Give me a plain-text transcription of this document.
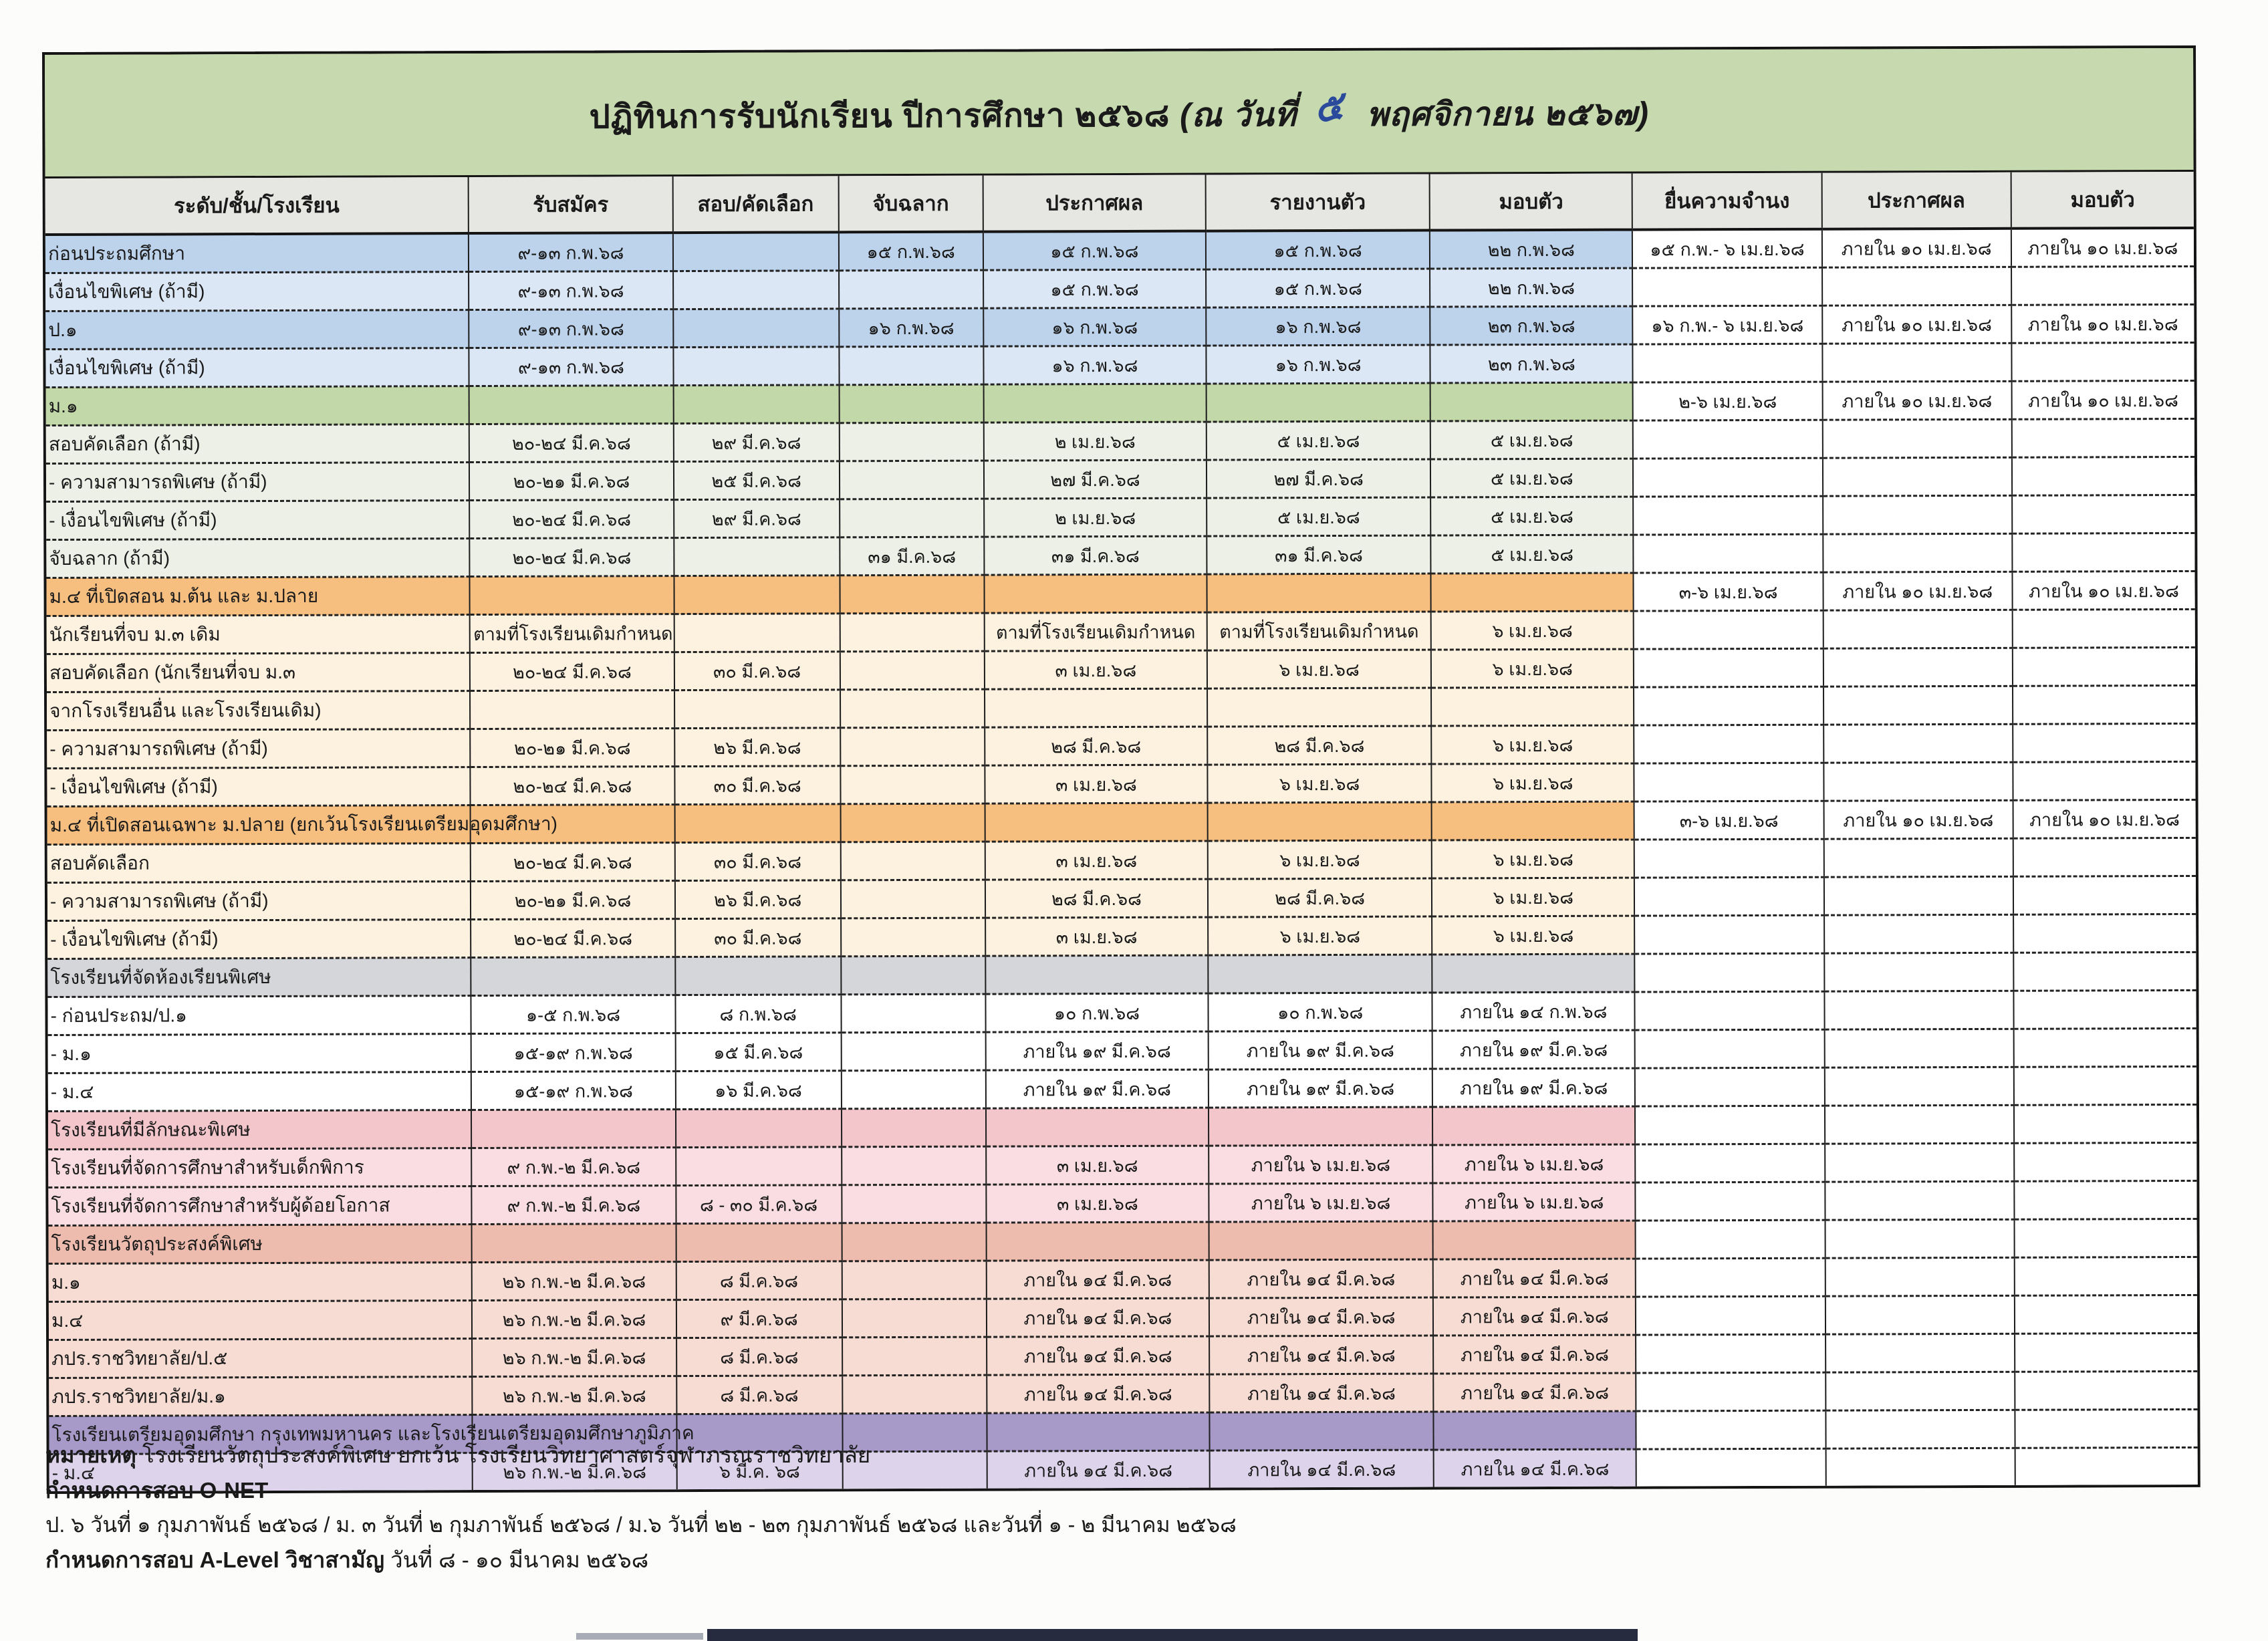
ปฏิทินการรับนักเรียน ปีการศึกษา ๒๕๖๘ (ณ วันที่ ๕ พฤศจิกายน ๒๕๖๗)
ระดับ/ชั้น/โรงเรียน	รับสมัคร	สอบ/คัดเลือก	จับฉลาก	ประกาศผล	รายงานตัว	มอบตัว	ยื่นความจำนง	ประกาศผล	มอบตัว
ก่อนประถมศึกษา	๙-๑๓ ก.พ.๖๘		๑๕ ก.พ.๖๘	๑๕ ก.พ.๖๘	๑๕ ก.พ.๖๘	๒๒ ก.พ.๖๘	๑๕ ก.พ.- ๖ เม.ย.๖๘	ภายใน ๑๐ เม.ย.๖๘	ภายใน ๑๐ เม.ย.๖๘
เงื่อนไขพิเศษ (ถ้ามี)	๙-๑๓ ก.พ.๖๘			๑๕ ก.พ.๖๘	๑๕ ก.พ.๖๘	๒๒ ก.พ.๖๘			
ป.๑	๙-๑๓ ก.พ.๖๘		๑๖ ก.พ.๖๘	๑๖ ก.พ.๖๘	๑๖ ก.พ.๖๘	๒๓ ก.พ.๖๘	๑๖ ก.พ.- ๖ เม.ย.๖๘	ภายใน ๑๐ เม.ย.๖๘	ภายใน ๑๐ เม.ย.๖๘
เงื่อนไขพิเศษ (ถ้ามี)	๙-๑๓ ก.พ.๖๘			๑๖ ก.พ.๖๘	๑๖ ก.พ.๖๘	๒๓ ก.พ.๖๘			
ม.๑							๒-๖ เม.ย.๖๘	ภายใน ๑๐ เม.ย.๖๘	ภายใน ๑๐ เม.ย.๖๘
สอบคัดเลือก (ถ้ามี)	๒๐-๒๔ มี.ค.๖๘	๒๙ มี.ค.๖๘		๒ เม.ย.๖๘	๕ เม.ย.๖๘	๕ เม.ย.๖๘			
- ความสามารถพิเศษ (ถ้ามี)	๒๐-๒๑ มี.ค.๖๘	๒๕ มี.ค.๖๘		๒๗ มี.ค.๖๘	๒๗ มี.ค.๖๘	๕ เม.ย.๖๘			
- เงื่อนไขพิเศษ (ถ้ามี)	๒๐-๒๔ มี.ค.๖๘	๒๙ มี.ค.๖๘		๒ เม.ย.๖๘	๕ เม.ย.๖๘	๕ เม.ย.๖๘			
จับฉลาก (ถ้ามี)	๒๐-๒๔ มี.ค.๖๘		๓๑ มี.ค.๖๘	๓๑ มี.ค.๖๘	๓๑ มี.ค.๖๘	๕ เม.ย.๖๘			
ม.๔ ที่เปิดสอน ม.ต้น และ ม.ปลาย							๓-๖ เม.ย.๖๘	ภายใน ๑๐ เม.ย.๖๘	ภายใน ๑๐ เม.ย.๖๘
นักเรียนที่จบ ม.๓ เดิม	ตามที่โรงเรียนเดิมกำหนด			ตามที่โรงเรียนเดิมกำหนด	ตามที่โรงเรียนเดิมกำหนด	๖ เม.ย.๖๘			
สอบคัดเลือก (นักเรียนที่จบ ม.๓	๒๐-๒๔ มี.ค.๖๘	๓๐ มี.ค.๖๘		๓ เม.ย.๖๘	๖ เม.ย.๖๘	๖ เม.ย.๖๘			
จากโรงเรียนอื่น และโรงเรียนเดิม)									
- ความสามารถพิเศษ (ถ้ามี)	๒๐-๒๑ มี.ค.๖๘	๒๖ มี.ค.๖๘		๒๘ มี.ค.๖๘	๒๘ มี.ค.๖๘	๖ เม.ย.๖๘			
- เงื่อนไขพิเศษ (ถ้ามี)	๒๐-๒๔ มี.ค.๖๘	๓๐ มี.ค.๖๘		๓ เม.ย.๖๘	๖ เม.ย.๖๘	๖ เม.ย.๖๘			
ม.๔ ที่เปิดสอนเฉพาะ ม.ปลาย (ยกเว้นโรงเรียนเตรียมอุดมศึกษา)							๓-๖ เม.ย.๖๘	ภายใน ๑๐ เม.ย.๖๘	ภายใน ๑๐ เม.ย.๖๘
สอบคัดเลือก	๒๐-๒๔ มี.ค.๖๘	๓๐ มี.ค.๖๘		๓ เม.ย.๖๘	๖ เม.ย.๖๘	๖ เม.ย.๖๘			
- ความสามารถพิเศษ (ถ้ามี)	๒๐-๒๑ มี.ค.๖๘	๒๖ มี.ค.๖๘		๒๘ มี.ค.๖๘	๒๘ มี.ค.๖๘	๖ เม.ย.๖๘			
- เงื่อนไขพิเศษ (ถ้ามี)	๒๐-๒๔ มี.ค.๖๘	๓๐ มี.ค.๖๘		๓ เม.ย.๖๘	๖ เม.ย.๖๘	๖ เม.ย.๖๘			
โรงเรียนที่จัดห้องเรียนพิเศษ									
- ก่อนประถม/ป.๑	๑-๕ ก.พ.๖๘	๘ ก.พ.๖๘		๑๐ ก.พ.๖๘	๑๐ ก.พ.๖๘	ภายใน ๑๔ ก.พ.๖๘			
- ม.๑	๑๕-๑๙ ก.พ.๖๘	๑๕ มี.ค.๖๘		ภายใน ๑๙ มี.ค.๖๘	ภายใน ๑๙ มี.ค.๖๘	ภายใน ๑๙ มี.ค.๖๘			
- ม.๔	๑๕-๑๙ ก.พ.๖๘	๑๖ มี.ค.๖๘		ภายใน ๑๙ มี.ค.๖๘	ภายใน ๑๙ มี.ค.๖๘	ภายใน ๑๙ มี.ค.๖๘			
โรงเรียนที่มีลักษณะพิเศษ									
โรงเรียนที่จัดการศึกษาสำหรับเด็กพิการ	๙ ก.พ.-๒ มี.ค.๖๘			๓ เม.ย.๖๘	ภายใน ๖ เม.ย.๖๘	ภายใน ๖ เม.ย.๖๘			
โรงเรียนที่จัดการศึกษาสำหรับผู้ด้อยโอกาส	๙ ก.พ.-๒ มี.ค.๖๘	๘ - ๓๐ มี.ค.๖๘		๓ เม.ย.๖๘	ภายใน ๖ เม.ย.๖๘	ภายใน ๖ เม.ย.๖๘			
โรงเรียนวัตถุประสงค์พิเศษ									
ม.๑	๒๖ ก.พ.-๒ มี.ค.๖๘	๘ มี.ค.๖๘		ภายใน ๑๔ มี.ค.๖๘	ภายใน ๑๔ มี.ค.๖๘	ภายใน ๑๔ มี.ค.๖๘			
ม.๔	๒๖ ก.พ.-๒ มี.ค.๖๘	๙ มี.ค.๖๘		ภายใน ๑๔ มี.ค.๖๘	ภายใน ๑๔ มี.ค.๖๘	ภายใน ๑๔ มี.ค.๖๘			
ภปร.ราชวิทยาลัย/ป.๕	๒๖ ก.พ.-๒ มี.ค.๖๘	๘ มี.ค.๖๘		ภายใน ๑๔ มี.ค.๖๘	ภายใน ๑๔ มี.ค.๖๘	ภายใน ๑๔ มี.ค.๖๘			
ภปร.ราชวิทยาลัย/ม.๑	๒๖ ก.พ.-๒ มี.ค.๖๘	๘ มี.ค.๖๘		ภายใน ๑๔ มี.ค.๖๘	ภายใน ๑๔ มี.ค.๖๘	ภายใน ๑๔ มี.ค.๖๘			
โรงเรียนเตรียมอุดมศึกษา กรุงเทพมหานคร และโรงเรียนเตรียมอุดมศึกษาภูมิภาค									
- ม.๔	๒๖ ก.พ.-๒ มี.ค.๖๘	๖ มี.ค. ๖๘		ภายใน ๑๔ มี.ค.๖๘	ภายใน ๑๔ มี.ค.๖๘	ภายใน ๑๔ มี.ค.๖๘			

หมายเหตุ โรงเรียนวัตถุประสงค์พิเศษ ยกเว้น โรงเรียนวิทยาศาสตร์จุฬาภรณราชวิทยาลัย

กำหนดการสอบ O-NET

ป. ๖ วันที่ ๑ กุมภาพันธ์ ๒๕๖๘ / ม. ๓ วันที่ ๒ กุมภาพันธ์ ๒๕๖๘ / ม.๖ วันที่ ๒๒ - ๒๓ กุมภาพันธ์ ๒๕๖๘ และวันที่ ๑ - ๒ มีนาคม ๒๕๖๘

กำหนดการสอบ A-Level วิชาสามัญ วันที่ ๘ - ๑๐ มีนาคม ๒๕๖๘
